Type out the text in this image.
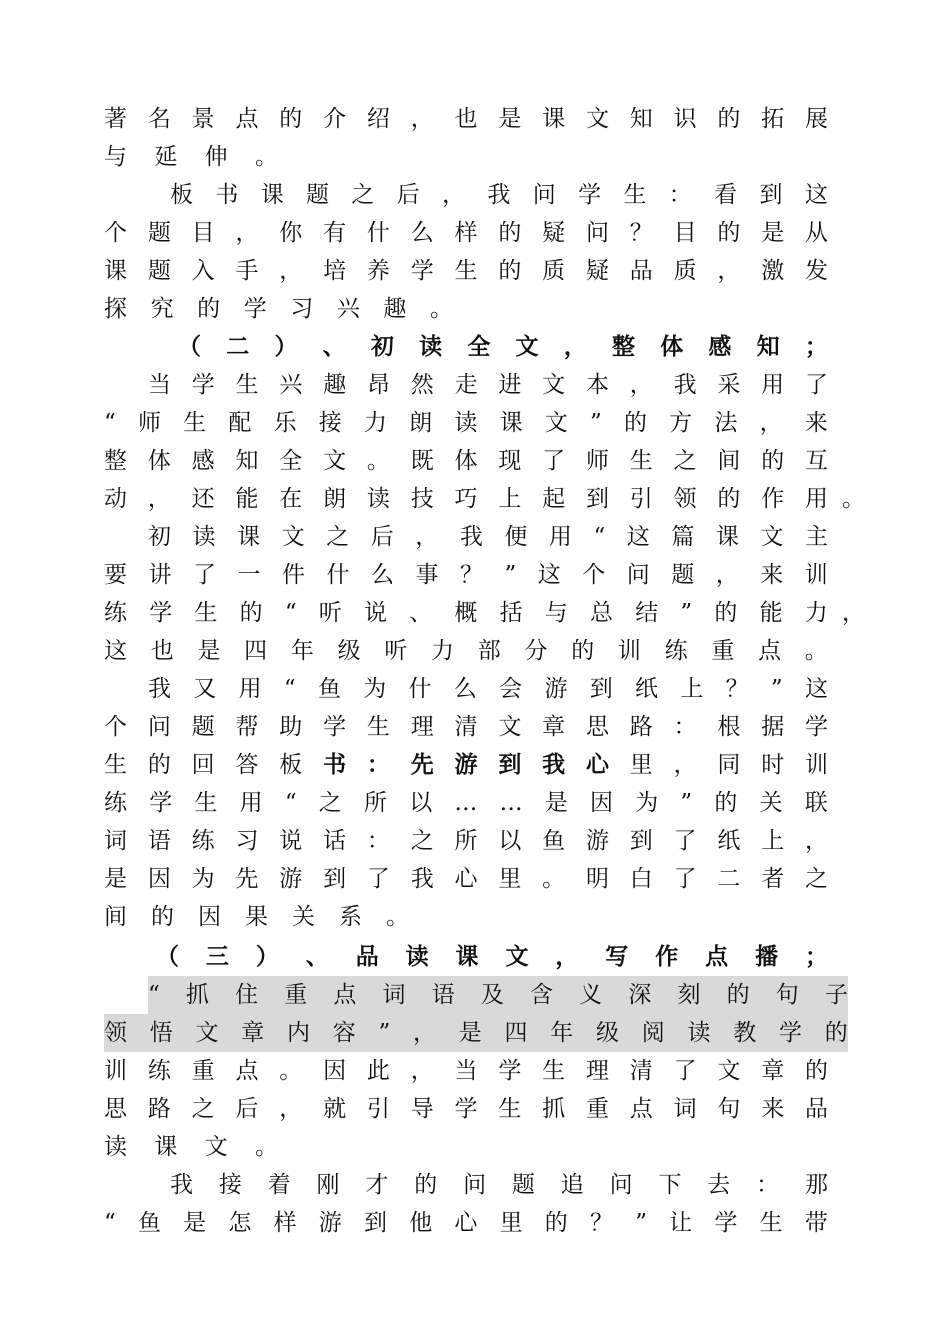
著 名 景 点 的 介 绍 ， 也 是 课 文 知 识 的 拓 展
与 延 伸 。
板 书 课 题 之 后 ， 我 问 学 生 ： 看 到 这
个 题 目 ， 你 有 什 么 样 的 疑 问 ？ 目 的 是 从
课 题 入 手 ， 培 养 学 生 的 质 疑 品 质 ， 激 发
探 究 的 学 习 兴 趣 。
（ 二 ） 、 初 读 全 文 ， 整 体 感 知 ；
当 学 生 兴 趣 昂 然 走 进 文 本 ， 我 采 用 了
“ 师 生 配 乐 接 力 朗 读 课 文 ” 的 方 法 ， 来
整 体 感 知 全 文 。 既 体 现 了 师 生 之 间 的 互
动 ， 还 能 在 朗 读 技 巧 上 起 到 引 领 的 作 用 。
初 读 课 文 之 后 ， 我 便 用 “ 这 篇 课 文 主
要 讲 了 一 件 什 么 事 ？ ” 这 个 问 题 ， 来 训
练 学 生 的 “ 听 说 、 概 括 与 总 结 ” 的 能 力 ，
这 也 是 四 年 级 听 力 部 分 的 训 练 重 点 。
我 又 用 “ 鱼 为 什 么 会 游 到 纸 上 ？ ” 这
个 问 题 帮 助 学 生 理 清 文 章 思 路 ： 根 据 学
生 的 回 答 板 书 ： 先 游 到 我 心 里 ， 同 时 训
练 学 生 用 “ 之 所 以 … … 是 因 为 ” 的 关 联
词 语 练 习 说 话 ： 之 所 以 鱼 游 到 了 纸 上 ，
是 因 为 先 游 到 了 我 心 里 。 明 白 了 二 者 之
间 的 因 果 关 系 。
（ 三 ） 、 品 读 课 文 ， 写 作 点 播 ；
“ 抓 住 重 点 词 语 及 含 义 深 刻 的 句 子
领 悟 文 章 内 容 ” ， 是 四 年 级 阅 读 教 学 的
训 练 重 点 。 因 此 ， 当 学 生 理 清 了 文 章 的
思 路 之 后 ， 就 引 导 学 生 抓 重 点 词 句 来 品
读 课 文 。
我 接 着 刚 才 的 问 题 追 问 下 去 ： 那
“ 鱼 是 怎 样 游 到 他 心 里 的 ？ ” 让 学 生 带
